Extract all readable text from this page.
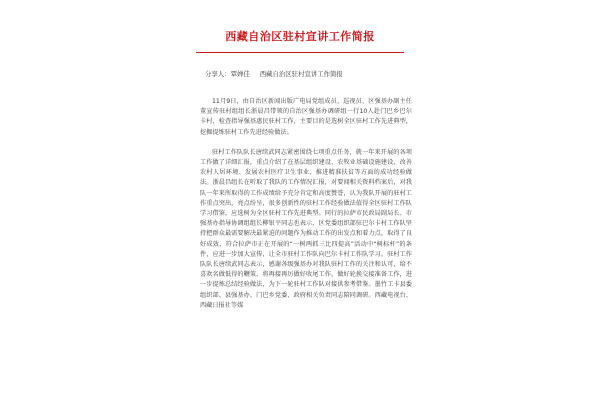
西藏自治区驻村宣讲工作简报
分享人：覃婵佳 西藏自治区驻村宣讲工作简报

11月9日，由自治区新闻出版广电局党组成员、巡视员、区强基办副主任董宣传驻村组组长浙晨昌带领的自治区强基办调研组一行10人赴门巴乡巴尔卡村，检查指导强基惠民驻村工作，主要目的是选树全区驻村工作先进典型，挖掘提炼驻村工作先进经验做法。

驻村工作队队长唐续武同志紧密围绕七项重点任务，就一年来开展的各项工作做了详细汇报，重点介绍了在基层组织建设、农牧业基础设施建设、改善农村人居环境、发展农村医疗卫生事业、推进精准扶贫等方面的成功经验做法。浙晨昌组长在听取了我队的工作情况汇报，对要闻相关资料档案后，对我队一年来所取得的工作成绩给予充分肯定和高度赞誉，认为我队开展的驻村工作重点突出，亮点纷呈，很多创新性的驻村工作经验做法值得全区驻村工作队学习借鉴，应选树为全区驻村工作先进典型。同行的拉萨市民政局副局长、市强基办指导协调组组长柳银平同志也表示，区党委组织部驻巴尔卡村工作队坚持把群众最需要解决最紧迫的问题作为推动工作的出发点和着力点，取得了良好成效，符合拉萨市正在开展的“一树两抓三比四提高”活动中“树标杆”的条件，应进一步加大宣传，让全市驻村工作队向巴尔卡村工作队学习。驻村工作队队长唐续武同志表示，感谢各级强基办对我队驻村工作的关注和认可，给不喜欢名做低得的鞭策，将再接再厉做好收尾工作，做好轮换交接准备工作，进一步提炼总结经验做法，为下一轮驻村工作队对接供参考借鉴。墨竹工卡县委组织部、县强基办、门巴乡党委、政府相关负责同志陪同调研。西藏电视台、西藏日报社等媒
